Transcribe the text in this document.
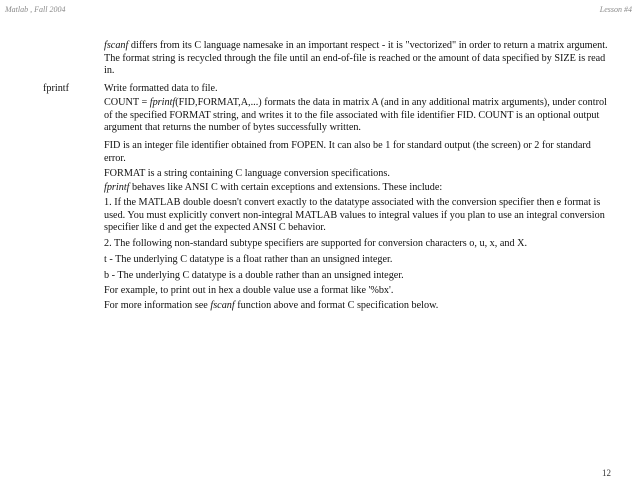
Matlab , Fall 2004	Lesson #4

fscanf differs from its C language namesake in an important respect - it is "vectorized" in order to return a matrix argument. The format string is recycled through the file until an end-of-file is reached or the amount of data specified by SIZE is read in.

fprintf	Write formatted data to file.

COUNT = fprintf(FID,FORMAT,A,...) formats the data in matrix A (and in any additional matrix arguments), under control of the specified FORMAT string, and writes it to the file associated with file identifier FID. COUNT is an optional output argument that returns the number of bytes successfully written.

FID is an integer file identifier obtained from FOPEN. It can also be 1 for standard output (the screen) or 2 for standard error.

FORMAT is a string containing C language conversion specifications.

fprintf behaves like ANSI C with certain exceptions and extensions. These include:

1. If the MATLAB double doesn't convert exactly to the datatype associated with the conversion specifier then e format is used. You must explicitly convert non-integral MATLAB values to integral values if you plan to use an integral conversion specifier like d and get the expected ANSI C behavior.

2. The following non-standard subtype specifiers are supported for conversion characters o, u, x, and X.

t - The underlying C datatype is a float rather than an unsigned integer.

b - The underlying C datatype is a double rather than an unsigned integer.

For example, to print out in hex a double value use a format like '%bx'.

For more information see fscanf function above and format C specification below.

12
